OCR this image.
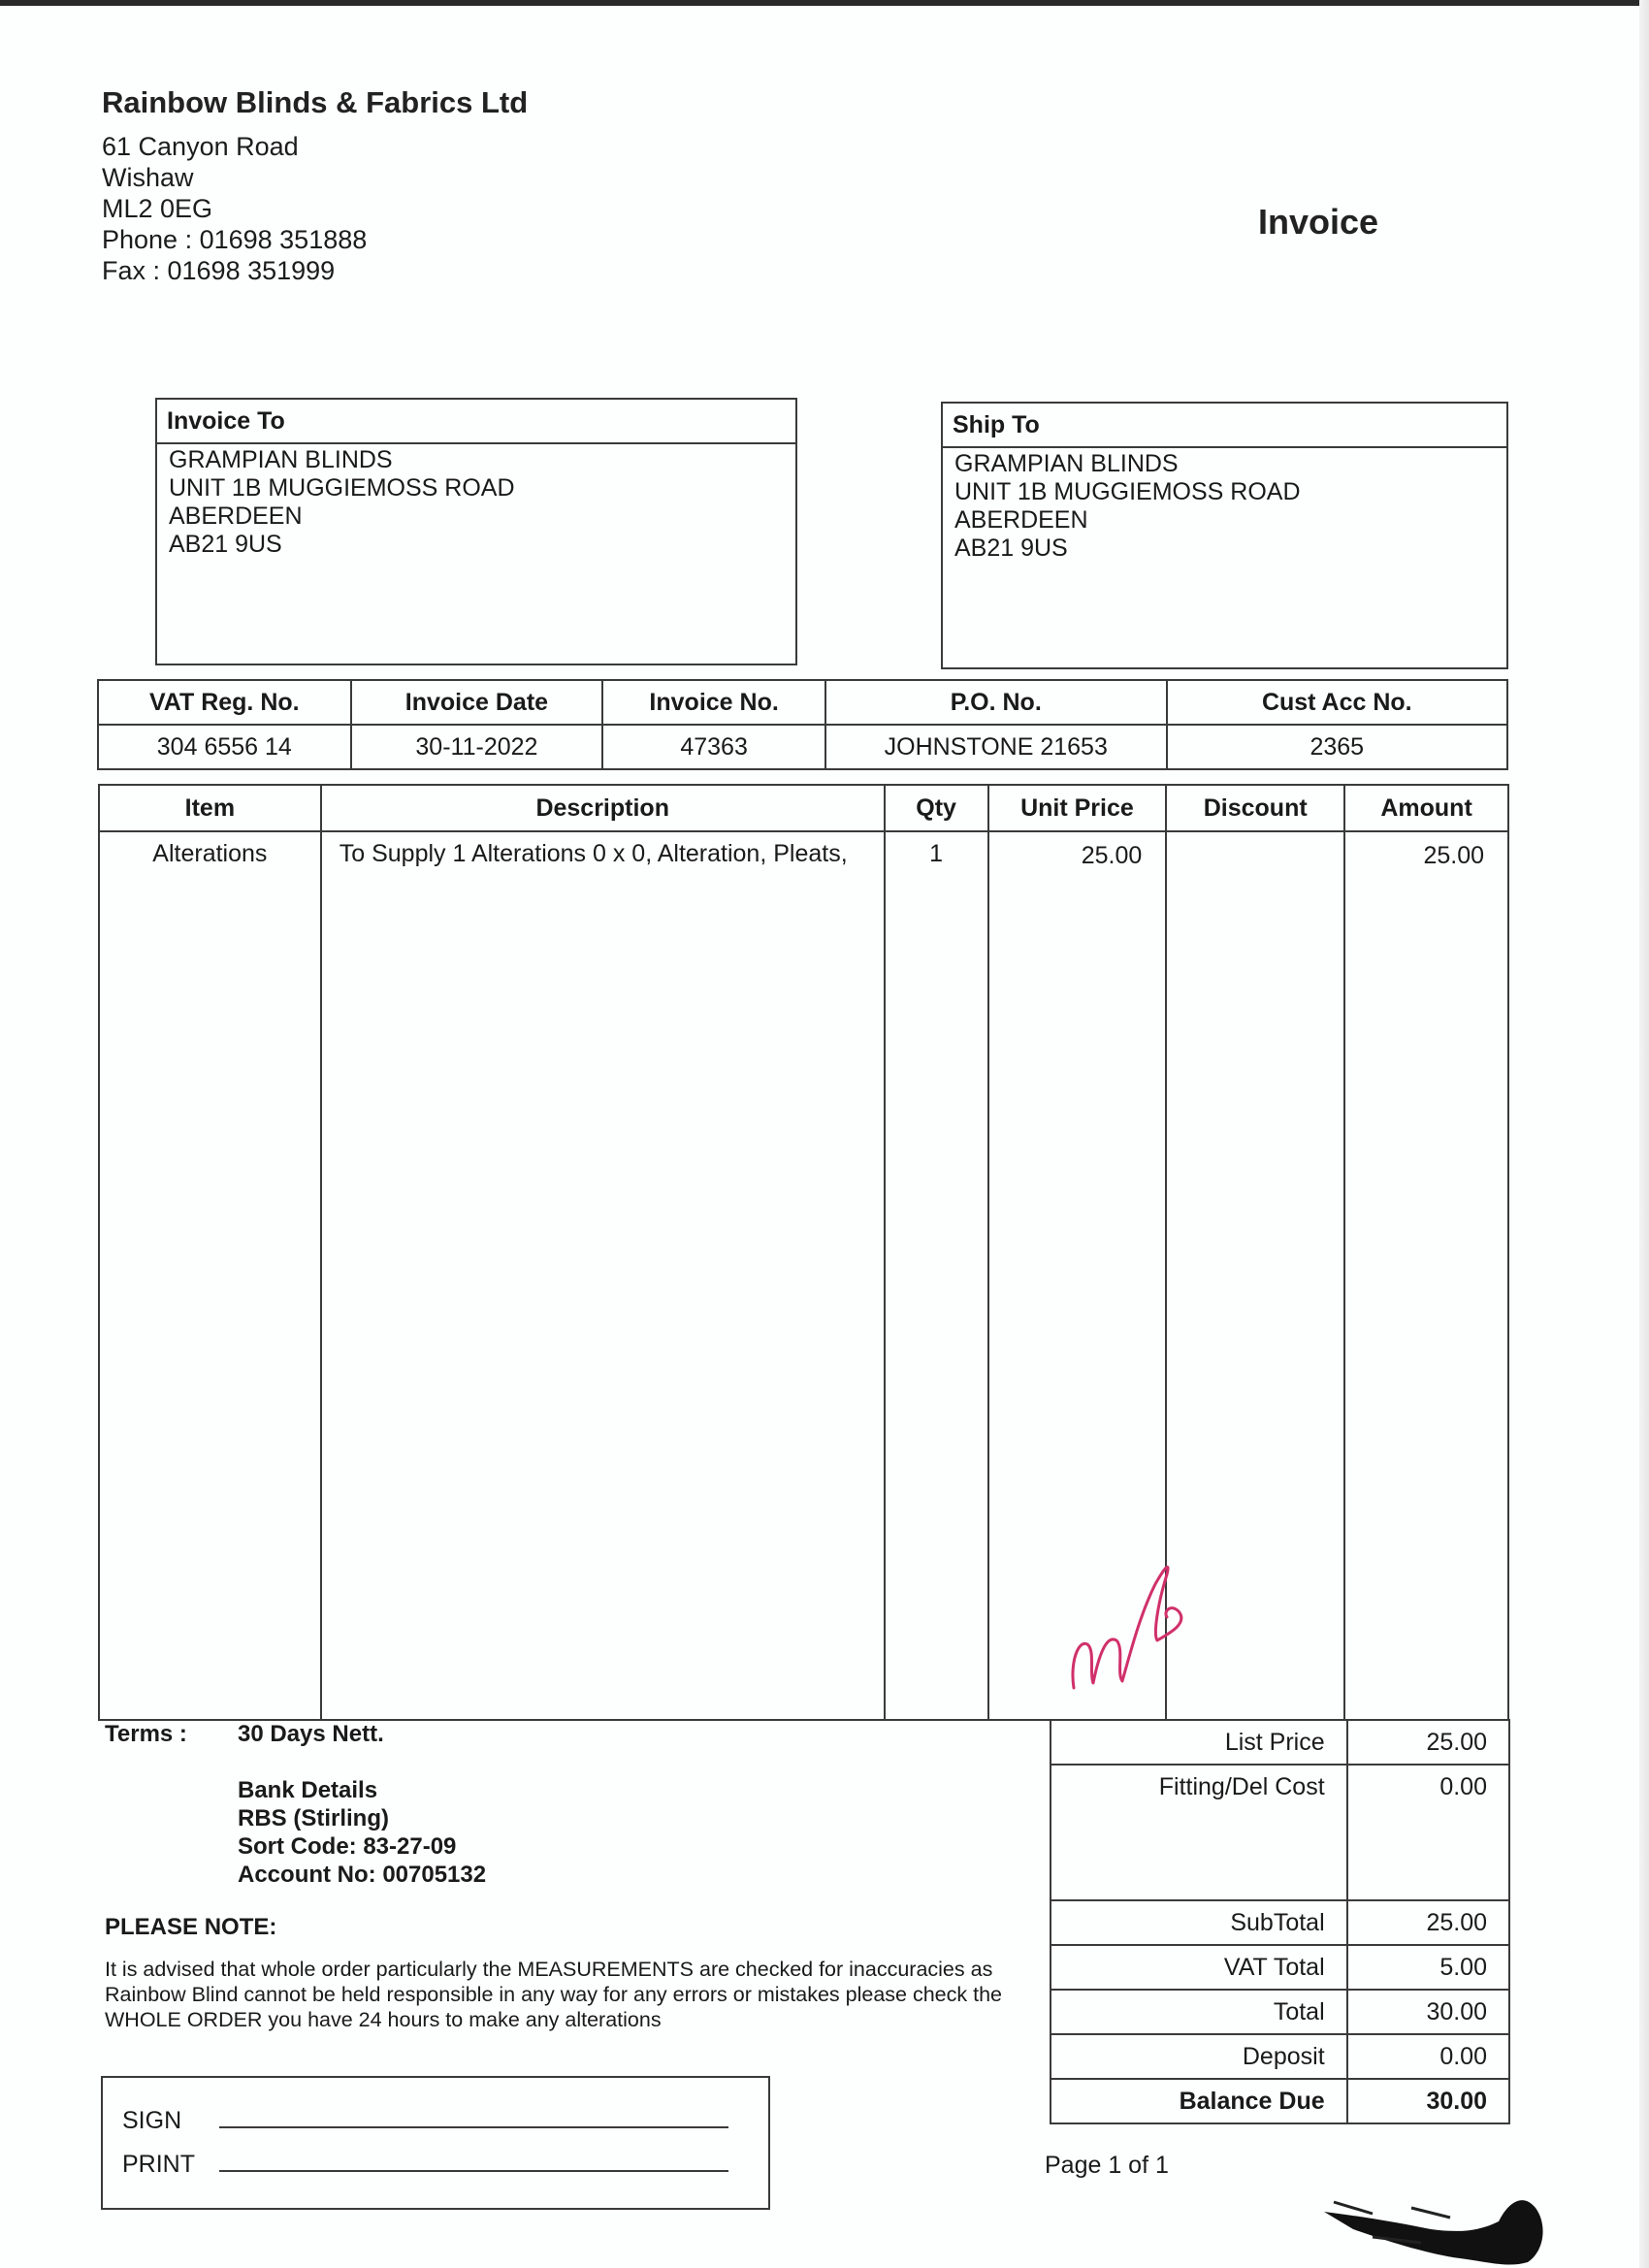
Rainbow Blinds & Fabrics Ltd
61 Canyon Road
Wishaw
ML2 0EG
Phone : 01698 351888
Fax : 01698 351999
Invoice
Invoice To
GRAMPIAN BLINDS
UNIT 1B MUGGIEMOSS ROAD
ABERDEEN
AB21 9US
Ship To
GRAMPIAN BLINDS
UNIT 1B MUGGIEMOSS ROAD
ABERDEEN
AB21 9US
VAT Reg. No.	Invoice Date	Invoice No.	P.O. No.	Cust Acc No.
304 6556 14	30-11-2022	47363	JOHNSTONE 21653	2365
Item	Description	Qty	Unit Price	Discount	Amount
Alterations	To Supply 1 Alterations 0 x 0, Alteration, Pleats,	1	25.00		25.00
Terms : 30 Days Nett.
Bank Details
RBS (Stirling)
Sort Code: 83-27-09
Account No: 00705132
PLEASE NOTE:
It is advised that whole order particularly the MEASUREMENTS are checked for inaccuracies as Rainbow Blind cannot be held responsible in any way for any errors or mistakes please check the WHOLE ORDER you have 24 hours to make any alterations
List Price	25.00
Fitting/Del Cost	0.00
SubTotal	25.00
VAT Total	5.00
Total	30.00
Deposit	0.00
Balance Due	30.00
SIGN
PRINT	Page 1 of 1
